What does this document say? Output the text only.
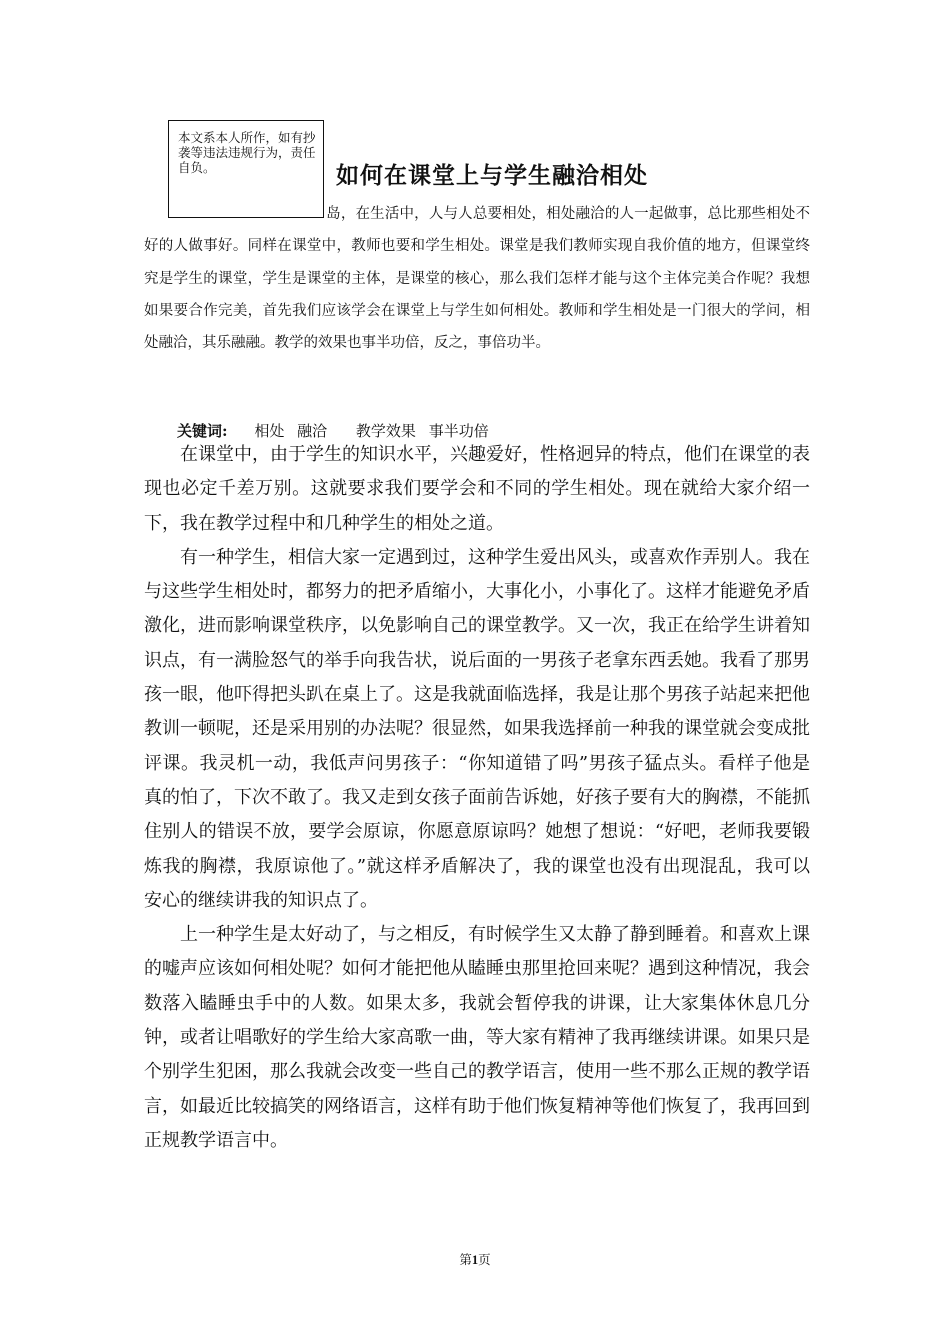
本文系本人所作，如有抄袭等违法违规行为，责任自负。	如何在课堂上与学生融洽相处
岛，在生活中，人与人总要相处，相处融洽的人一起做事，总比那些相处不好的人做事好。同样在课堂中，教师也要和学生相处。课堂是我们教师实现自我价值的地方，但课堂终究是学生的课堂，学生是课堂的主体，是课堂的核心，那么我们怎样才能与这个主体完美合作呢？我想如果要合作完美，首先我们应该学会在课堂上与学生如何相处。教师和学生相处是一门很大的学问，相处融洽，其乐融融。教学的效果也事半功倍，反之，事倍功半。
关键词: 相处 融洽 教学效果 事半功倍

在课堂中，由于学生的知识水平，兴趣爱好，性格迥异的特点，他们在课堂的表现也必定千差万别。这就要求我们要学会和不同的学生相处。现在就给大家介绍一下，我在教学过程中和几种学生的相处之道。

有一种学生，相信大家一定遇到过，这种学生爱出风头，或喜欢作弄别人。我在与这些学生相处时，都努力的把矛盾缩小，大事化小，小事化了。这样才能避免矛盾激化，进而影响课堂秩序，以免影响自己的课堂教学。又一次，我正在给学生讲着知识点，有一满脸怒气的举手向我告状，说后面的一男孩子老拿东西丢她。我看了那男孩一眼，他吓得把头趴在桌上了。这是我就面临选择，我是让那个男孩子站起来把他教训一顿呢，还是采用别的办法呢？很显然，如果我选择前一种我的课堂就会变成批评课。我灵机一动，我低声问男孩子：“你知道错了吗”男孩子猛点头。看样子他是真的怕了，下次不敢了。我又走到女孩子面前告诉她，好孩子要有大的胸襟，不能抓住别人的错误不放，要学会原谅，你愿意原谅吗？她想了想说：“好吧，老师我要锻炼我的胸襟，我原谅他了。”就这样矛盾解决了，我的课堂也没有出现混乱，我可以安心的继续讲我的知识点了。

上一种学生是太好动了，与之相反，有时候学生又太静了静到睡着。和喜欢上课的嘘声应该如何相处呢？如何才能把他从瞌睡虫那里抢回来呢？遇到这种情况，我会数落入瞌睡虫手中的人数。如果太多，我就会暂停我的讲课，让大家集体休息几分钟，或者让唱歌好的学生给大家高歌一曲，等大家有精神了我再继续讲课。如果只是个别学生犯困，那么我就会改变一些自己的教学语言，使用一些不那么正规的教学语言，如最近比较搞笑的网络语言，这样有助于他们恢复精神等他们恢复了，我再回到正规教学语言中。

第1页
